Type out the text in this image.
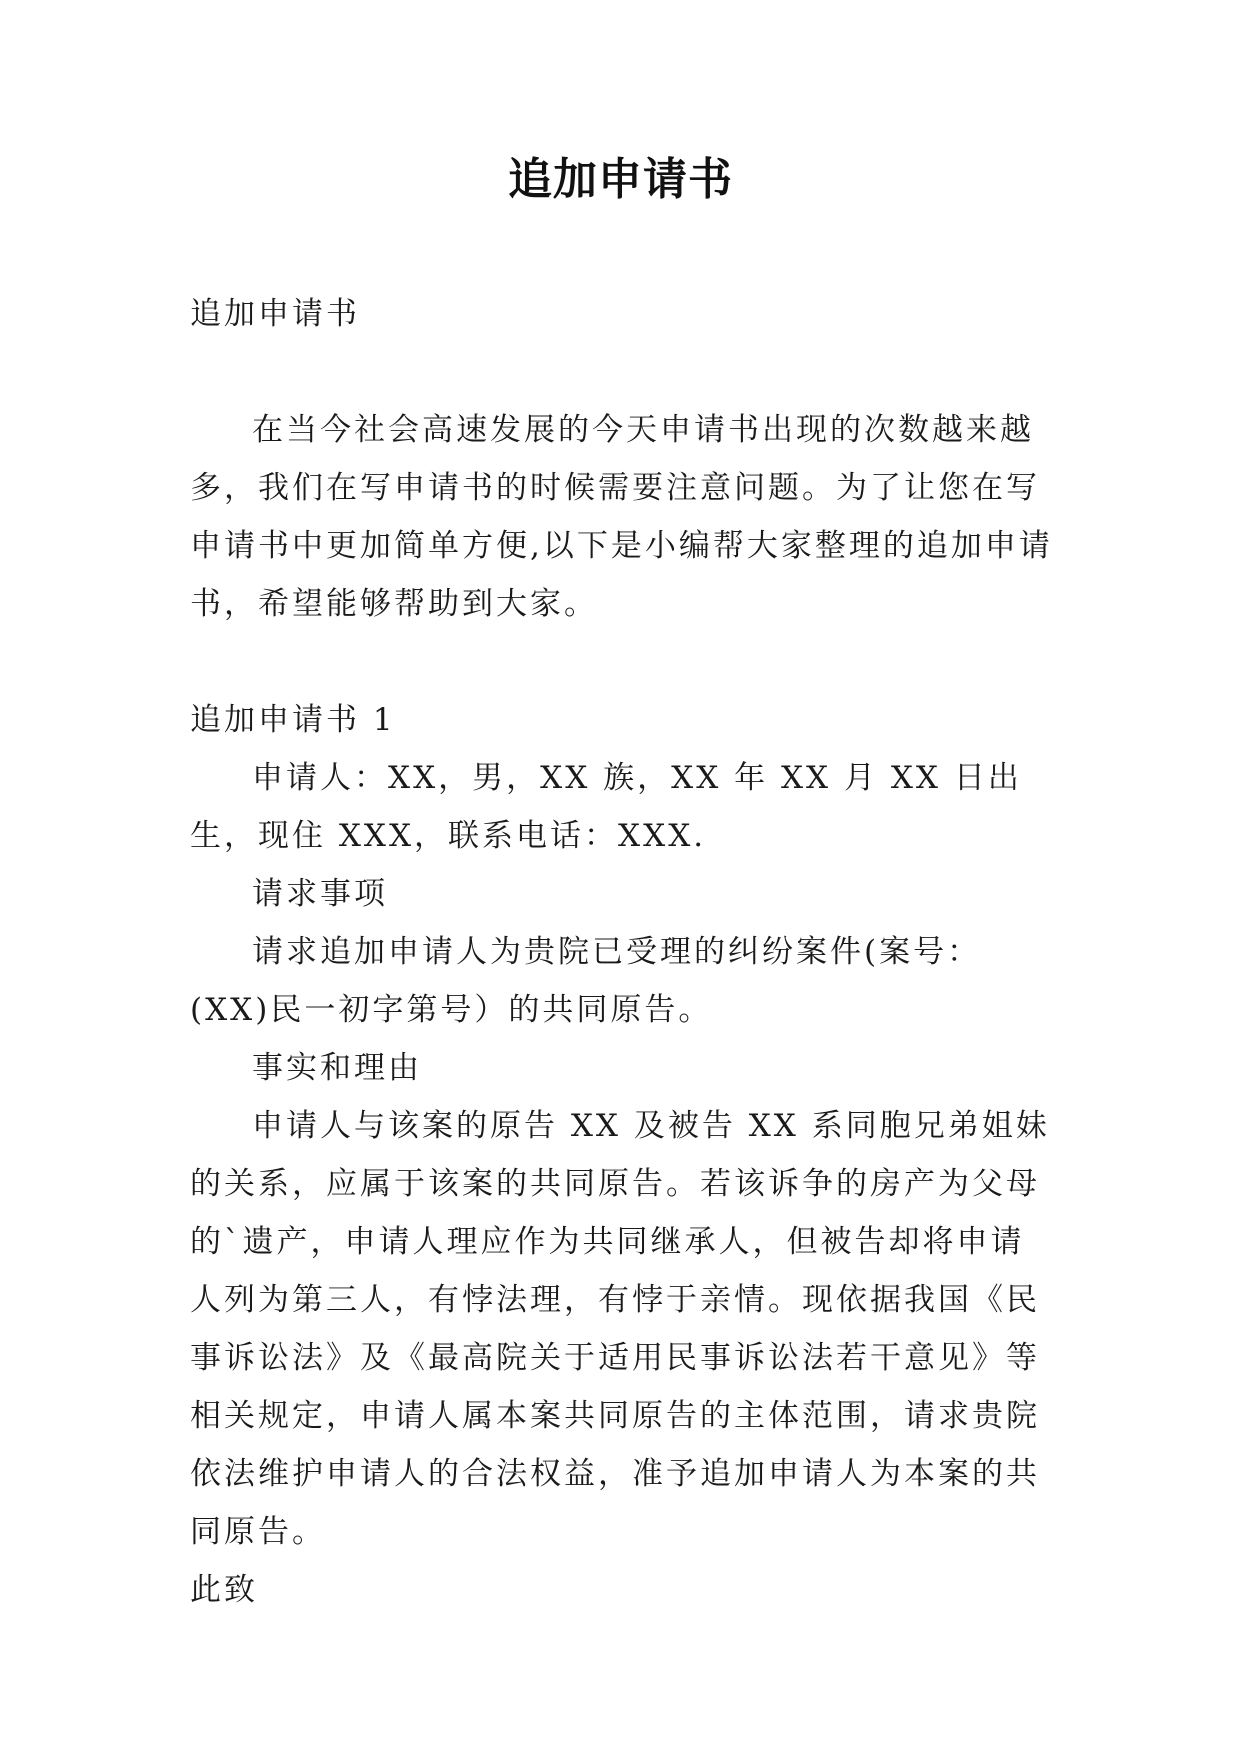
追加申请书

追加申请书

在当今社会高速发展的今天申请书出现的次数越来越多，我们在写申请书的时候需要注意问题。为了让您在写申请书中更加简单方便,以下是小编帮大家整理的追加申请书，希望能够帮助到大家。

追加申请书 1

申请人：XX，男，XX 族，XX 年 XX 月 XX 日出生，现住 XXX，联系电话：XXX.

请求事项

请求追加申请人为贵院已受理的纠纷案件(案号：(XX)民一初字第号）的共同原告。

事实和理由

申请人与该案的原告 XX 及被告 XX 系同胞兄弟姐妹的关系，应属于该案的共同原告。若该诉争的房产为父母的`遗产，申请人理应作为共同继承人，但被告却将申请人列为第三人，有悖法理，有悖于亲情。现依据我国《民事诉讼法》及《最高院关于适用民事诉讼法若干意见》等相关规定，申请人属本案共同原告的主体范围，请求贵院依法维护申请人的合法权益，准予追加申请人为本案的共同原告。

此致
